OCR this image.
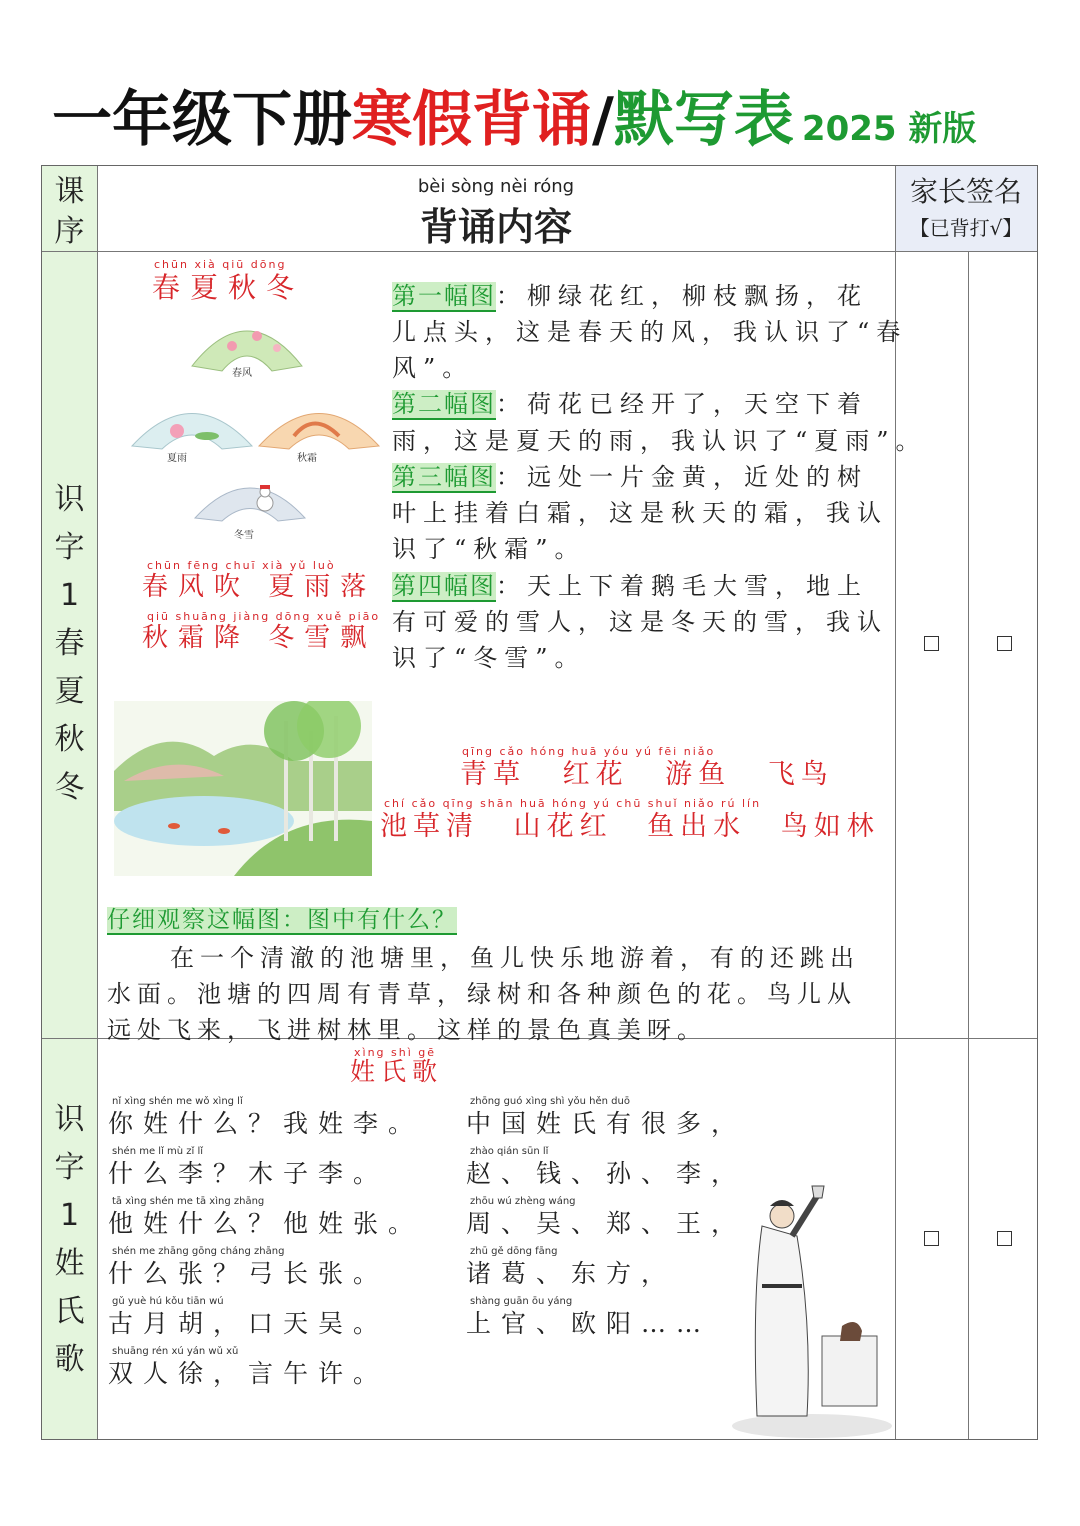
一年级下册寒假背诵/默写表 2025 新版
课
序
bèi sòng nèi róng
背诵内容
家长签名
【已背打√】
识
字
1
春
夏
秋
冬
chūn xià qiū dōng
春夏秋冬
春风
夏雨	秋霜
冬雪
chūn fēng chuī xià yǔ luò
春风吹 夏雨落
qiū shuāng jiàng dōng xuě piāo
秋霜降 冬雪飘
第一幅图：柳绿花红，柳枝飘扬，花
儿点头，这是春天的风，我认识了“春
风”。
第二幅图：荷花已经开了，天空下着
雨，这是夏天的雨，我认识了“夏雨”。
第三幅图：远处一片金黄，近处的树
叶上挂着白霜，这是秋天的霜，我认
识了“秋霜”。
第四幅图：天上下着鹅毛大雪，地上
有可爱的雪人，这是冬天的雪，我认
识了“冬雪”。
qīng cǎo hóng huā yóu yú fēi niǎo
青草 红花 游鱼 飞鸟
chí cǎo qīng shān huā hóng yú chū shuǐ niǎo rú lín
池草清 山花红 鱼出水 鸟如林
仔细观察这幅图：图中有什么？
在一个清澈的池塘里，鱼儿快乐地游着，有的还跳出
水面。池塘的四周有青草，绿树和各种颜色的花。鸟儿从
远处飞来，飞进树林里。这样的景色真美呀。
识
字
1
姓
氏
歌
xìng shì gē
姓氏歌
nǐ xìng shén me wǒ xìng lǐ
你姓什么？我姓李。
shén me lǐ mù zǐ lǐ
什么李？木子李。
tā xìng shén me tā xìng zhāng
他姓什么？他姓张。
shén me zhāng gōng cháng zhāng
什么张？弓长张。
gǔ yuè hú kǒu tiān wú
古月胡，口天吴。
shuāng rén xú yán wǔ xǔ
双人徐，言午许。
zhōng guó xìng shì yǒu hěn duō
中国姓氏有很多，
zhào qián sūn lǐ
赵、钱、孙、李，
zhōu wú zhèng wáng
周、吴、郑、王，
zhū gě dōng fāng
诸葛、东方，
shàng guān ōu yáng
上官、欧阳……
